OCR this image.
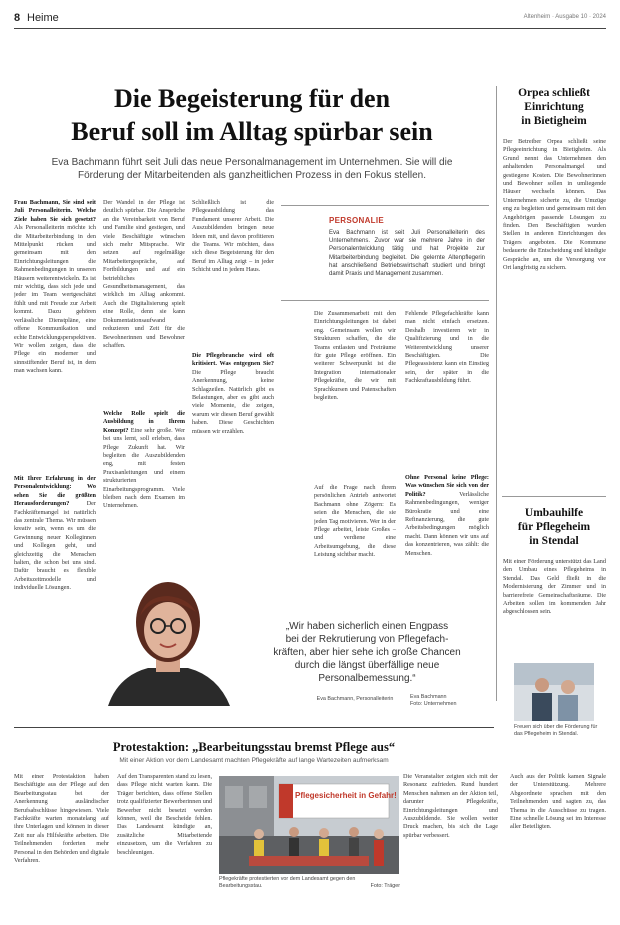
8 Heime	Altenheim · Ausgabe 10 · 2024
Die Begeisterung für den
Beruf soll im Alltag spürbar sein
Eva Bachmann führt seit Juli das neue Personalmanagement im Unternehmen. Sie will die
Förderung der Mitarbeitenden als ganzheitlichen Prozess in den Fokus stellen.
Frau Bachmann, Sie sind seit Juli Personalleiterin. Welche Ziele haben Sie sich gesetzt? Als Personalleiterin möchte ich die Mitarbeiterbindung in den Mittelpunkt rücken und gemeinsam mit den Einrichtungsleitungen die Rahmenbedingungen in unseren Häusern weiterentwickeln. Es ist mir wichtig, dass sich jede und jeder im Team wertgeschätzt fühlt und mit Freude zur Arbeit kommt. Dazu gehören verlässliche Dienstpläne, eine offene Kommunikation und echte Entwicklungsperspektiven. Wir wollen zeigen, dass die Pflege ein moderner und sinnstiftender Beruf ist, in dem man wachsen kann.
Mit Ihrer Erfahrung in der Personalentwicklung: Wo sehen Sie die größten Herausforderungen?	Der Fachkräftemangel ist natürlich das zentrale Thema. Wir müssen kreativ sein, wenn es um die Gewinnung neuer Kolleginnen und Kollegen geht, und gleichzeitig die Menschen halten, die schon bei uns sind. Dafür braucht es flexible Arbeitszeitmodelle und individuelle Lösungen.
Der Wandel in der Pflege ist deutlich spürbar. Die Ansprüche an die Vereinbarkeit von Beruf und Familie sind gestiegen, und viele Beschäftigte wünschen sich mehr Mitsprache. Wir setzen auf regelmäßige Mitarbeitergespräche, auf Fortbildungen und auf ein betriebliches Gesundheitsmanagement, das wirklich im Alltag ankommt. Auch die Digitalisierung spielt eine Rolle, denn sie kann Dokumentationsaufwand reduzieren und Zeit für die Bewohnerinnen und Bewohner schaffen.
Welche Rolle spielt die Ausbildung in Ihrem Konzept? Eine sehr große. Wer bei uns lernt, soll erleben, dass Pflege Zukunft hat. Wir begleiten die Auszubildenden eng, mit festen Praxisanleitungen und einem strukturierten Einarbeitungsprogramm. Viele bleiben nach dem Examen im Unternehmen.
Schließlich ist die Pflegeausbildung das Fundament unserer Arbeit. Die Auszubildenden bringen neue Ideen mit, und davon profitieren die Teams. Wir möchten, dass sich diese Begeisterung für den Beruf im Alltag zeigt – in jeder Schicht und in jedem Haus.
Die Pflegebranche wird oft kritisiert. Was entgegnen Sie? Die Pflege braucht Anerkennung, keine Schlagzeilen. Natürlich gibt es Belastungen, aber es gibt auch viele Momente, die zeigen, warum wir diesen Beruf gewählt haben. Diese Geschichten müssen wir erzählen.
PERSONALIE
Eva Bachmann ist seit Juli Personalleiterin des Unternehmens. Zuvor war sie mehrere Jahre in der Personalentwicklung tätig und hat Projekte zur Mitarbeiterbindung begleitet. Die gelernte Altenpflegerin hat anschließend Betriebswirtschaft studiert und bringt damit Praxis und Management zusammen.
Die Zusammenarbeit mit den Einrichtungsleitungen ist dabei eng. Gemeinsam wollen wir Strukturen schaffen, die die Teams entlasten und Freiräume für gute Pflege eröffnen. Ein weiterer Schwerpunkt ist die Integration internationaler Pflegekräfte, die wir mit Sprachkursen und Patenschaften begleiten.
Auf die Frage nach ihrem persönlichen Antrieb antwortet Bachmann ohne Zögern: Es seien die Menschen, die sie jeden Tag motivieren. Wer in der Pflege arbeitet, leiste Großes – und verdiene eine Arbeitsumgebung, die diese Leistung sichtbar macht.
Fehlende Pflegefachkräfte kann man nicht einfach ersetzen. Deshalb investieren wir in Qualifizierung und in die Weiterentwicklung unserer Beschäftigten. Die Pflegeassistenz kann ein Einstieg sein, der später in die Fachkraftausbildung führt.
Ohne Personal keine Pflege: Was wünschen Sie sich von der Politik?	Verlässliche Rahmenbedingungen, weniger Bürokratie und eine Refinanzierung, die gute Arbeitsbedingungen möglich macht. Dann können wir uns auf das konzentrieren, was zählt: die Menschen.
„Wir haben sicherlich einen Engpass
bei der Rekrutierung von Pflegefach-
kräften, aber hier sehe ich große Chancen
durch die längst überfällige neue
Personalbemessung.“
Eva Bachmann, Personalleiterin	Eva Bachmann
Foto: Unternehmen
Orpea schließt
Einrichtung
in Bietigheim
Der Betreiber Orpea schließt seine Pflegeeinrichtung in Bietigheim. Als Grund nennt das Unternehmen den anhaltenden Personalmangel und gestiegene Kosten. Die Bewohnerinnen und Bewohner sollen in umliegende Häuser wechseln können. Das Unternehmen sicherte zu, die Umzüge eng zu begleiten und gemeinsam mit den Angehörigen passende Lösungen zu finden. Den Beschäftigten wurden Stellen in anderen Einrichtungen des Trägers angeboten. Die Kommune bedauerte die Entscheidung und kündigte Gespräche an, um die Versorgung vor Ort langfristig zu sichern.
Umbauhilfe
für Pflegeheim
in Stendal
Mit einer Förderung unterstützt das Land den Umbau eines Pflegeheims in Stendal. Das Geld fließt in die Modernisierung der Zimmer und in barrierefreie Gemeinschaftsräume. Die Arbeiten sollen im kommenden Jahr abgeschlossen sein.
Freuen sich über die Förderung für das Pflegeheim in Stendal.
Protestaktion: „Bearbeitungsstau bremst Pflege aus“
Mit einer Aktion vor dem Landesamt machten Pflegekräfte auf lange Wartezeiten aufmerksam
Mit einer Protestaktion haben Beschäftigte aus der Pflege auf den Bearbeitungsstau bei der Anerkennung ausländischer Berufsabschlüsse hingewiesen. Viele Fachkräfte warten monatelang auf ihre Unterlagen und können in dieser Zeit nur als Hilfskräfte arbeiten. Die Teilnehmenden forderten mehr Personal in den Behörden und digitale Verfahren.
Auf den Transparenten stand zu lesen, dass Pflege nicht warten kann. Die Träger berichten, dass offene Stellen trotz qualifizierter Bewerberinnen und Bewerber nicht besetzt werden können, weil die Bescheide fehlen. Das Landesamt kündigte an, zusätzliche Mitarbeitende einzusetzen, um die Verfahren zu beschleunigen.
Pflegesicherheit in Gefahr!
Pflegekräfte protestierten vor dem Landesamt gegen den Bearbeitungsstau.	Foto: Träger
Die Veranstalter zeigten sich mit der Resonanz zufrieden. Rund hundert Menschen nahmen an der Aktion teil, darunter Pflegekräfte, Einrichtungsleitungen und Auszubildende. Sie wollen weiter Druck machen, bis sich die Lage spürbar verbessert.
Auch aus der Politik kamen Signale der Unterstützung. Mehrere Abgeordnete sprachen mit den Teilnehmenden und sagten zu, das Thema in die Ausschüsse zu tragen. Eine schnelle Lösung sei im Interesse aller Beteiligten.
